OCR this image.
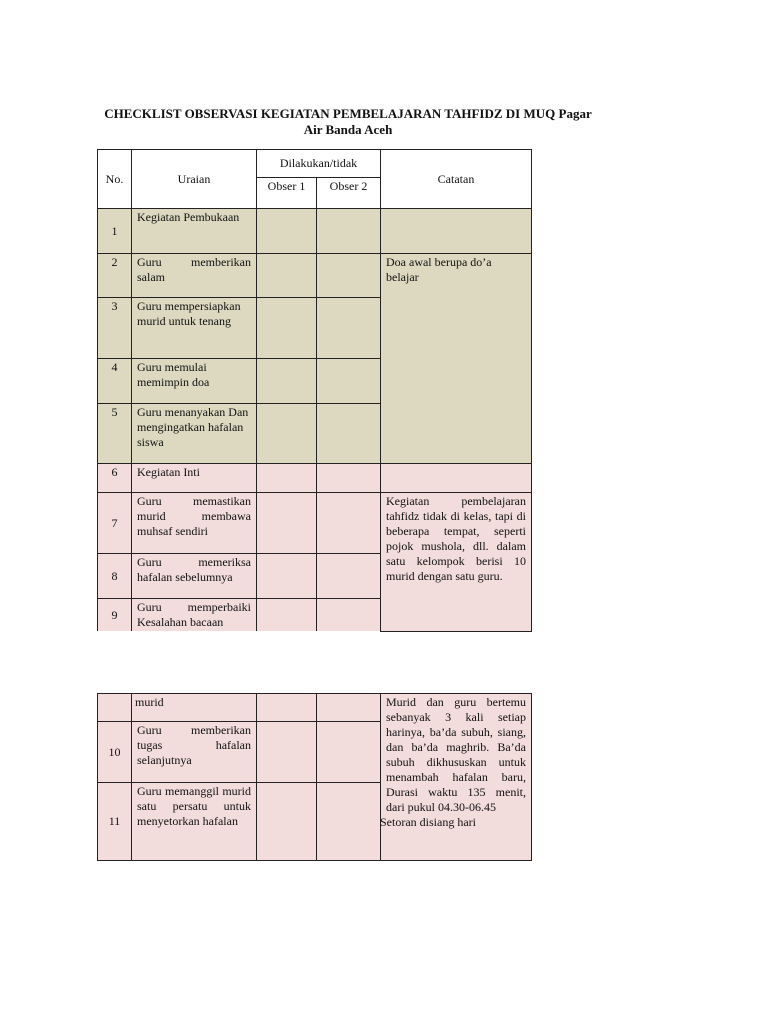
CHECKLIST OBSERVASI KEGIATAN PEMBELAJARAN TAHFIDZ DI MUQ Pagar
Air Banda Aceh
No.	Uraian	Dilakukan/tidak		Catatan
		Obser 1	Obser 2	
1	Kegiatan Pembukaan			
2	Guru memberikan salam			Doa awal berupa do’a belajar
3	Guru mempersiapkan murid untuk tenang			
4	Guru memulai memimpin doa			
5	Guru menanyakan Dan mengingatkan hafalan siswa			
6	Kegiatan Inti			
7	Guru memastikan murid membawa muhsaf sendiri			Kegiatan pembelajaran tahfidz tidak di kelas, tapi di beberapa tempat, seperti pojok mushola, dll. dalam satu kelompok berisi 10 murid dengan satu guru.
8	Guru memeriksa hafalan sebelumnya			
9	Guru memperbaiki Kesalahan bacaan			
	murid			Murid dan guru bertemu sebanyak 3 kali setiap harinya, ba’da subuh, siang, dan ba’da maghrib. Ba’da subuh dikhususkan untuk menambah hafalan baru, Durasi waktu 135 menit, dari pukul 04.30-06.45
Setoran disiang hari

10	Guru memberikan tugas hafalan selanjutnya			
11	Guru memanggil murid satu persatu untuk menyetorkan hafalan			
